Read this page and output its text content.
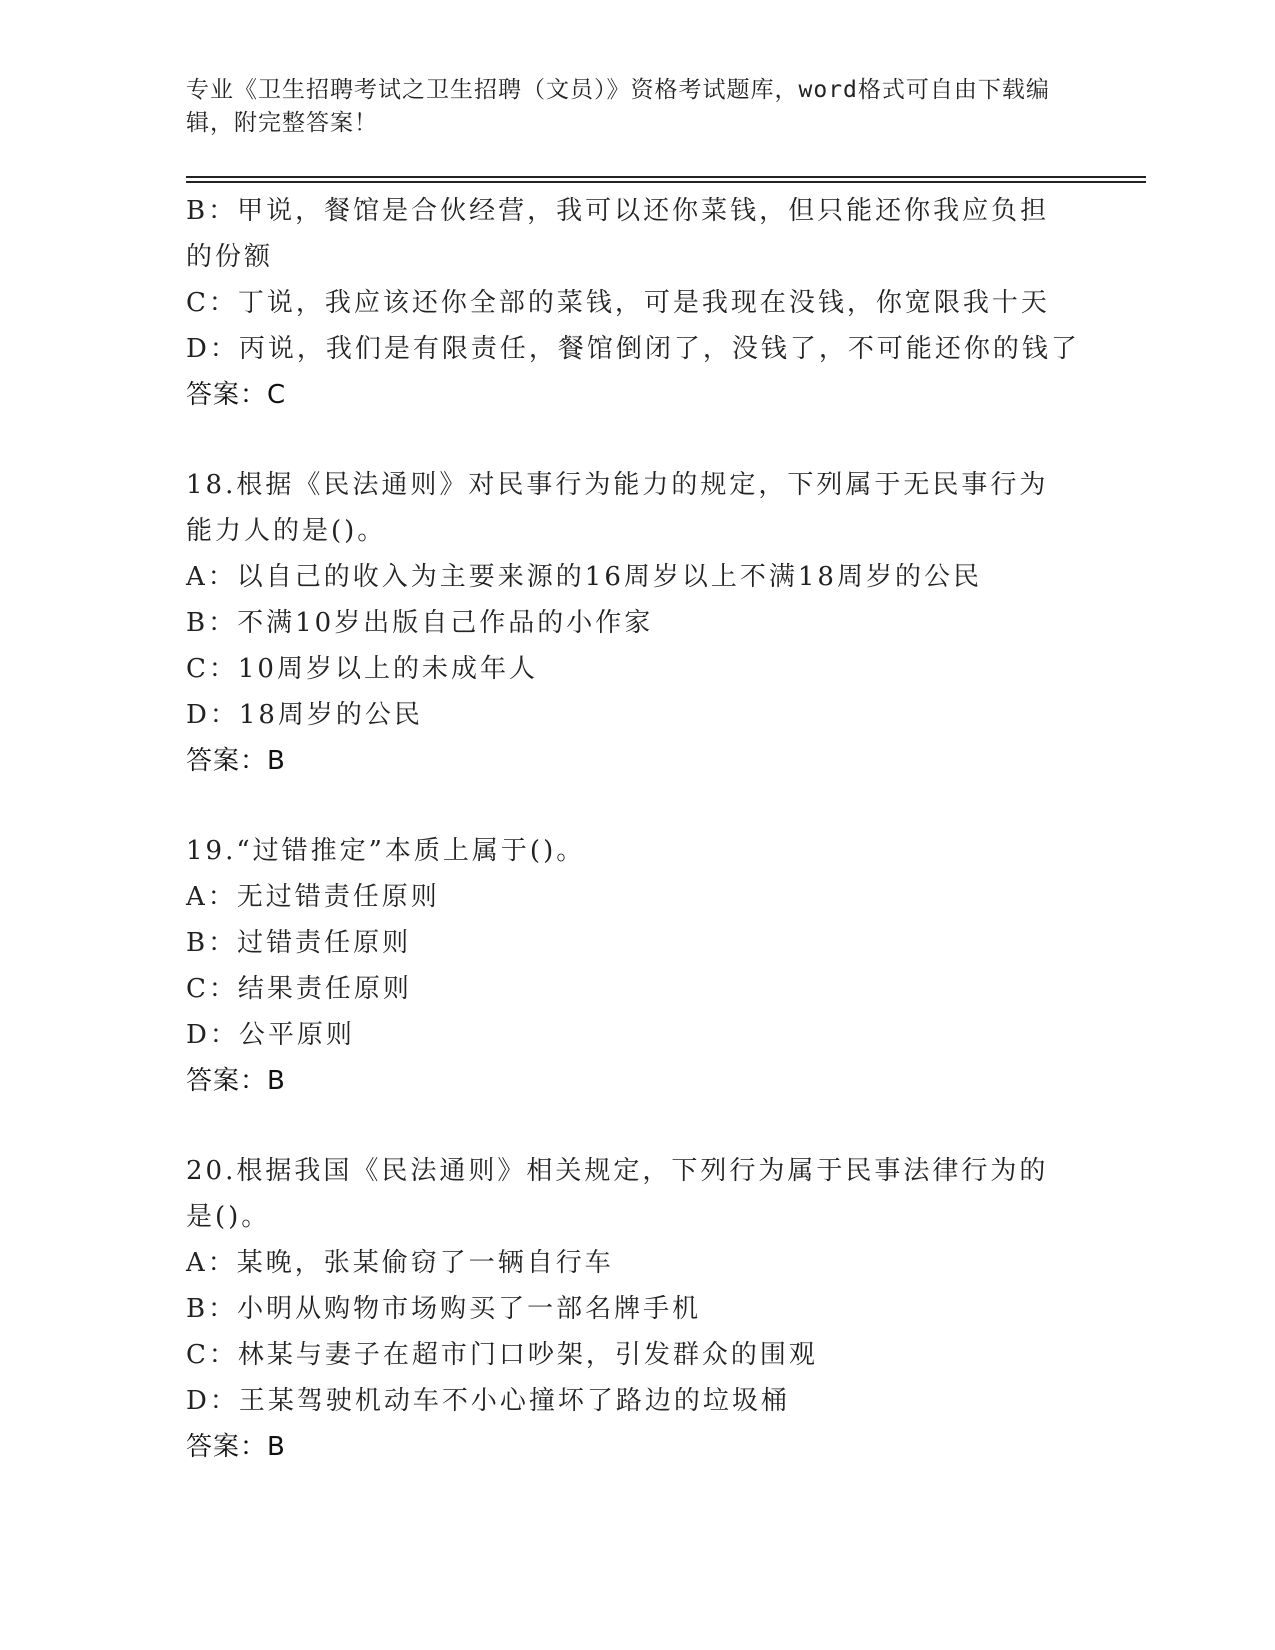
专业《卫生招聘考试之卫生招聘（文员）》资格考试题库，word格式可自由下载编辑，附完整答案！
B：甲说，餐馆是合伙经营，我可以还你菜钱，但只能还你我应负担的份额
C：丁说，我应该还你全部的菜钱，可是我现在没钱，你宽限我十天
D：丙说，我们是有限责任，餐馆倒闭了，没钱了，不可能还你的钱了
答案：C
18.根据《民法通则》对民事行为能力的规定，下列属于无民事行为能力人的是()。
A：以自己的收入为主要来源的16周岁以上不满18周岁的公民
B：不满10岁出版自己作品的小作家
C：10周岁以上的未成年人
D：18周岁的公民
答案：B
19.“过错推定”本质上属于()。
A：无过错责任原则
B：过错责任原则
C：结果责任原则
D：公平原则
答案：B
20.根据我国《民法通则》相关规定，下列行为属于民事法律行为的是()。
A：某晚，张某偷窃了一辆自行车
B：小明从购物市场购买了一部名牌手机
C：林某与妻子在超市门口吵架，引发群众的围观
D：王某驾驶机动车不小心撞坏了路边的垃圾桶
答案：B
